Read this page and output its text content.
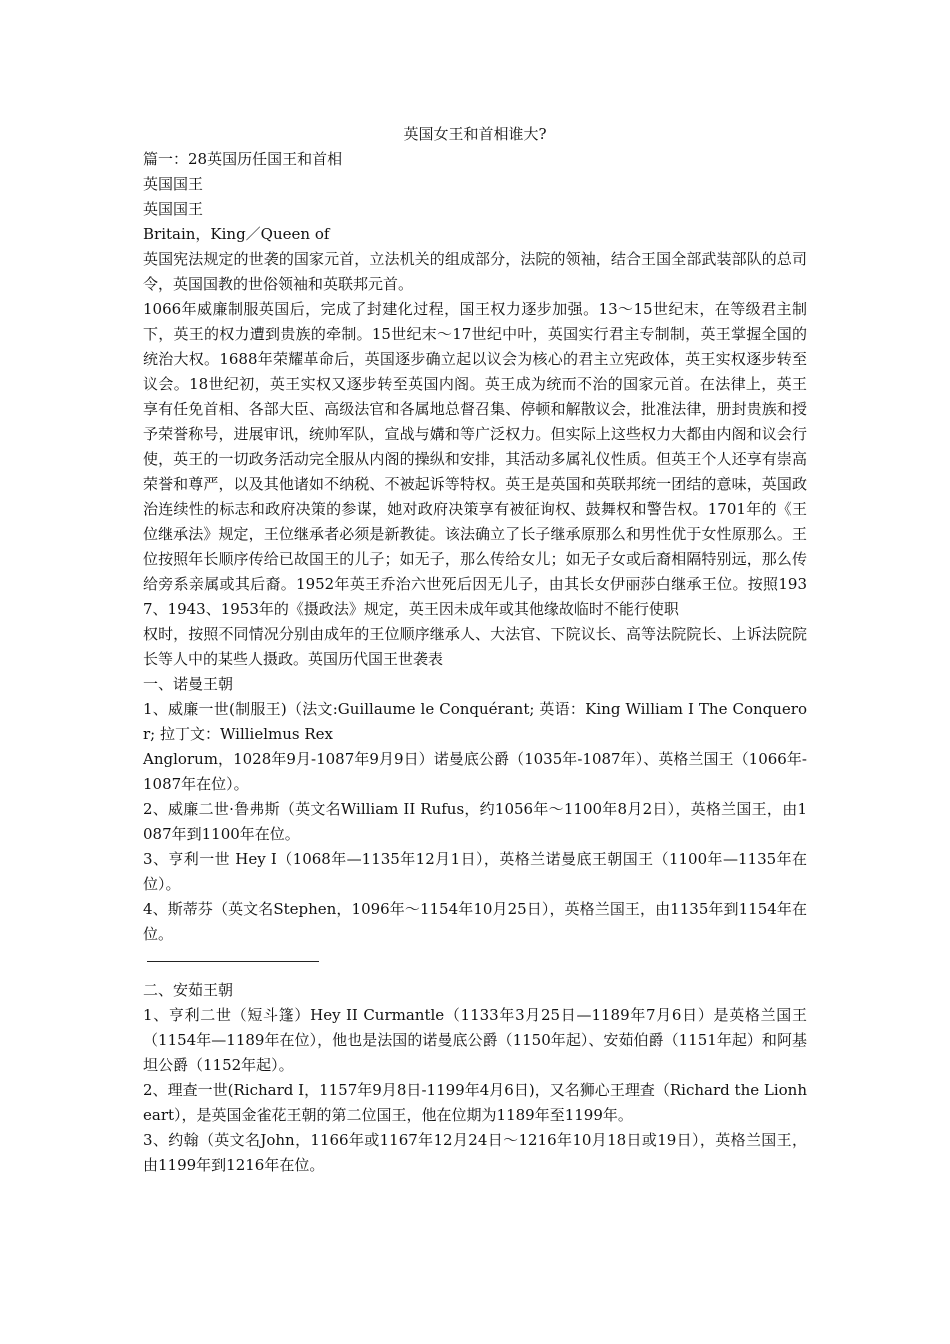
英国女王和首相谁大?

篇一：28英国历任国王和首相

英国国王

英国国王

Britain，King／Queen of

英国宪法规定的世袭的国家元首，立法机关的组成部分，法院的领袖，结合王国全部武装部队的总司令，英国国教的世俗领袖和英联邦元首。

1066年威廉制服英国后，完成了封建化过程，国王权力逐步加强。13～15世纪末，在等级君主制下，英王的权力遭到贵族的牵制。15世纪末～17世纪中叶，英国实行君主专制制，英王掌握全国的统治大权。1688年荣耀革命后，英国逐步确立起以议会为核心的君主立宪政体，英王实权逐步转至议会。18世纪初，英王实权又逐步转至英国内阁。英王成为统而不治的国家元首。在法律上，英王享有任免首相、各部大臣、高级法官和各属地总督召集、停顿和解散议会，批准法律，册封贵族和授予荣誉称号，进展审讯，统帅军队，宣战与媾和等广泛权力。但实际上这些权力大都由内阁和议会行使，英王的一切政务活动完全服从内阁的操纵和安排，其活动多属礼仪性质。但英王个人还享有崇高荣誉和尊严，以及其他诸如不纳税、不被起诉等特权。英王是英国和英联邦统一团结的意味，英国政治连续性的标志和政府决策的参谋，她对政府决策享有被征询权、鼓舞权和警告权。1701年的《王位继承法》规定，王位继承者必须是新教徒。该法确立了长子继承原那么和男性优于女性原那么。王位按照年长顺序传给已故国王的儿子；如无子，那么传给女儿；如无子女或后裔相隔特别远，那么传给旁系亲属或其后裔。1952年英王乔治六世死后因无儿子，由其长女伊丽莎白继承王位。按照1937、1943、1953年的《摄政法》规定，英王因未成年或其他缘故临时不能行使职

权时，按照不同情况分别由成年的王位顺序继承人、大法官、下院议长、高等法院院长、上诉法院院长等人中的某些人摄政。英国历代国王世袭表

一、诺曼王朝

1、威廉一世(制服王)（法文:Guillaume le Conquérant; 英语：King William I The Conqueror; 拉丁文：Willielmus Rex

Anglorum，1028年9月-1087年9月9日）诺曼底公爵（1035年-1087年）、英格兰国王（1066年-1087年在位）。

2、威廉二世·鲁弗斯（英文名William II Rufus，约1056年～1100年8月2日），英格兰国王，由1087年到1100年在位。

3、亨利一世 Hey I（1068年—1135年12月1日），英格兰诺曼底王朝国王（1100年—1135年在位）。

4、斯蒂芬（英文名Stephen，1096年～1154年10月25日），英格兰国王，由1135年到1154年在位。

二、安茹王朝

1、亨利二世（短斗篷）Hey II Curmantle（1133年3月25日—1189年7月6日）是英格兰国王（1154年—1189年在位），他也是法国的诺曼底公爵（1150年起）、安茹伯爵（1151年起）和阿基坦公爵（1152年起）。

2、理查一世(Richard I，1157年9月8日-1199年4月6日)，又名狮心王理查（Richard the Lionheart），是英国金雀花王朝的第二位国王，他在位期为1189年至1199年。

3、约翰（英文名John，1166年或1167年12月24日～1216年10月18日或19日），英格兰国王，由1199年到1216年在位。
